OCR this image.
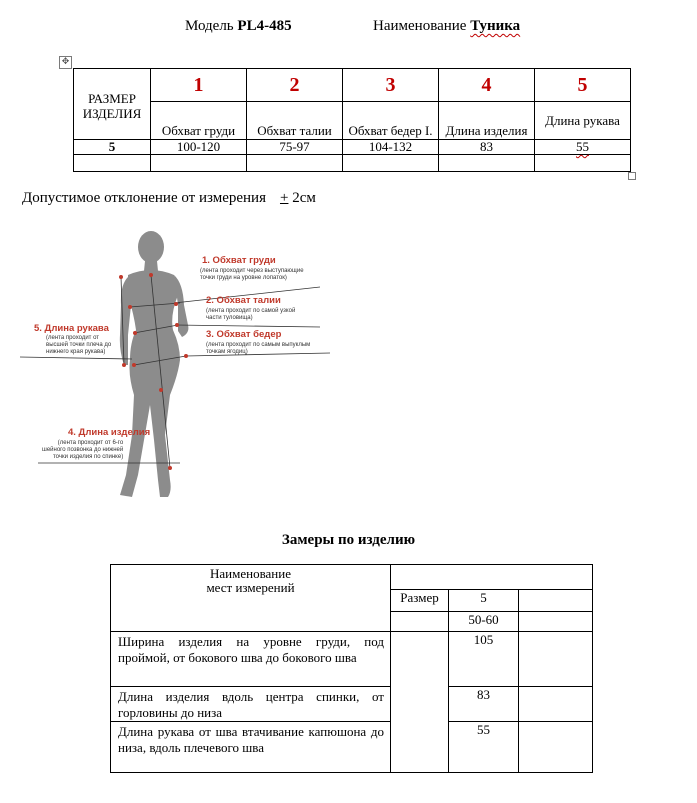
Модель PL4-485	Наименование Туника
✥
РАЗМЕР ИЗДЕЛИЯ	1	2	3	4	5
	Обхват груди	Обхват талии	Обхват бедер I.	Длина изделия	Длина рукава
5	100-120	75-97	104-132	83	55

Допустимое отклонение от измерения + 2см
1. Обхват груди
(лента проходит через выступающие
точки груди на уровне лопаток)
2. Обхват талии
(лента проходит по самой узкой
части туловища)
3. Обхват бедер
(лента проходит по самым выпуклым
точкам ягодиц)
4. Длина изделия
(лента проходит от 6-го
шейного позвонка до нижней
точки изделия по спинке)
5. Длина рукава
(лента проходит от
высшей точки плеча до
нижнего края рукава)
Замеры по изделию
Наименование
мест измерений			
	Размер	5	
		50-60	
Ширина изделия на уровне груди, под проймой, от бокового шва до бокового шва		105	
Длина изделия вдоль центра спинки, от горловины до низа		83	
Длина рукава от шва втачивание капюшона до низа, вдоль плечевого шва		55	
